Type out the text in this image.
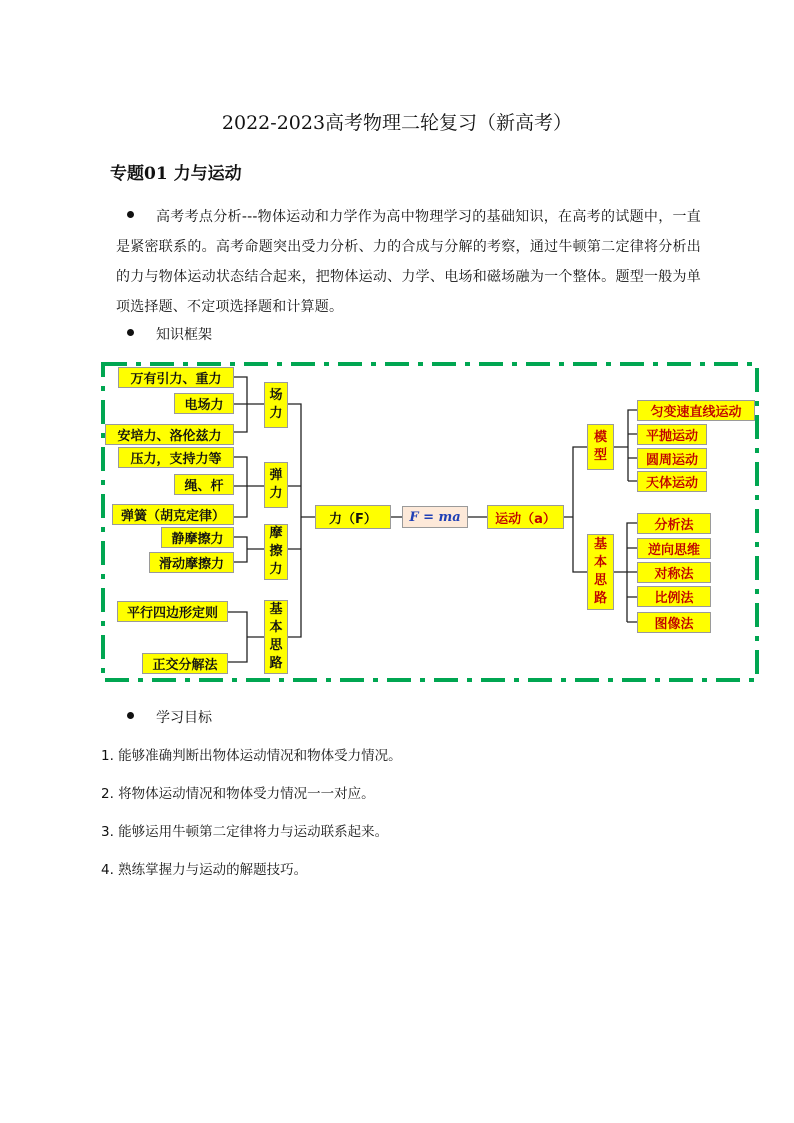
2022-2023高考物理二轮复习（新高考）
专题01 力与运动
高考考点分析---物体运动和力学作为高中物理学习的基础知识，在高考的试题中，一直是紧密联系的。高考命题突出受力分析、力的合成与分解的考察，通过牛顿第二定律将分析出的力与物体运动状态结合起来，把物体运动、力学、电场和磁场融为一个整体。题型一般为单项选择题、不定项选择题和计算题。
知识框架
万有引力、重力
电场力
安培力、洛伦兹力
压力，支持力等
绳、杆
弹簧（胡克定律）
静摩擦力
滑动摩擦力
平行四边形定则
正交分解法
场力
弹力
摩擦力
基本思路
力（F）	F = ma	运动（a）
模型
基本思路
匀变速直线运动
平抛运动
圆周运动
天体运动
分析法
逆向思维
对称法
比例法
图像法
学习目标
1. 能够准确判断出物体运动情况和物体受力情况。
2. 将物体运动情况和物体受力情况一一对应。
3. 能够运用牛顿第二定律将力与运动联系起来。
4. 熟练掌握力与运动的解题技巧。
